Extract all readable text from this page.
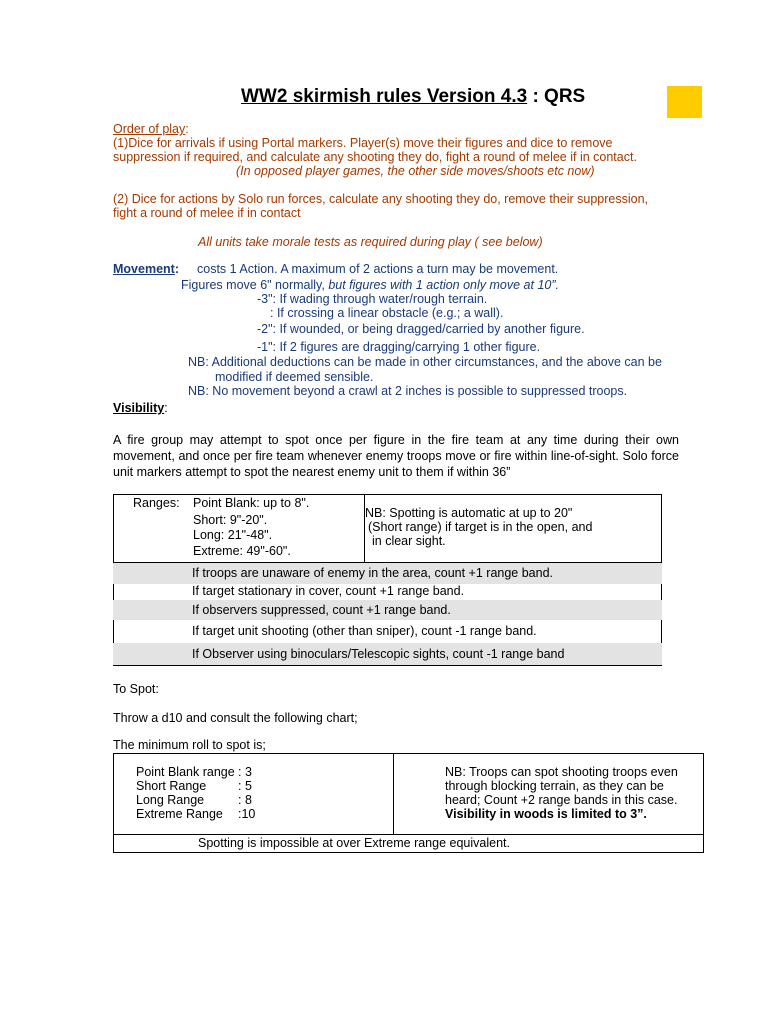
WW2 skirmish rules Version 4.3 : QRS
Order of play:
(1)Dice for arrivals if using Portal markers. Player(s) move their figures and dice to remove
suppression if required, and calculate any shooting they do, fight a round of melee if in contact.
(In opposed player games, the other side moves/shoots etc now)
(2) Dice for actions by Solo run forces, calculate any shooting they do, remove their suppression,
fight a round of melee if in contact
All units take morale tests as required during play ( see below)
Movement: costs 1 Action. A maximum of 2 actions a turn may be movement.
Figures move 6" normally, but figures with 1 action only move at 10”.
-3": If wading through water/rough terrain.
: If crossing a linear obstacle (e.g.; a wall).
-2": If wounded, or being dragged/carried by another figure.
-1": If 2 figures are dragging/carrying 1 other figure.
NB: Additional deductions can be made in other circumstances, and the above can be
modified if deemed sensible.
NB: No movement beyond a crawl at 2 inches is possible to suppressed troops.
Visibility:
A fire group may attempt to spot once per figure in the fire team at any time during their own movement, and once per fire team whenever enemy troops move or fire within line-of-sight. Solo force unit markers attempt to spot the nearest enemy unit to them if within 36”
Ranges: Point Blank: up to 8".
Short: 9"-20".
Long: 21"-48".
Extreme: 49"-60".
NB: Spotting is automatic at up to 20"
(Short range) if target is in the open, and
in clear sight.
If troops are unaware of enemy in the area, count +1 range band.
If target stationary in cover, count +1 range band.
If observers suppressed, count +1 range band.
If target unit shooting (other than sniper), count -1 range band.
If Observer using binoculars/Telescopic sights, count -1 range band
To Spot:
Throw a d10 and consult the following chart;
The minimum roll to spot is;
Point Blank range : 3
Short Range	: 5
Long Range	: 8
Extreme Range :10
NB: Troops can spot shooting troops even
through blocking terrain, as they can be
heard; Count +2 range bands in this case.
Visibility in woods is limited to 3”.
Spotting is impossible at over Extreme range equivalent.
